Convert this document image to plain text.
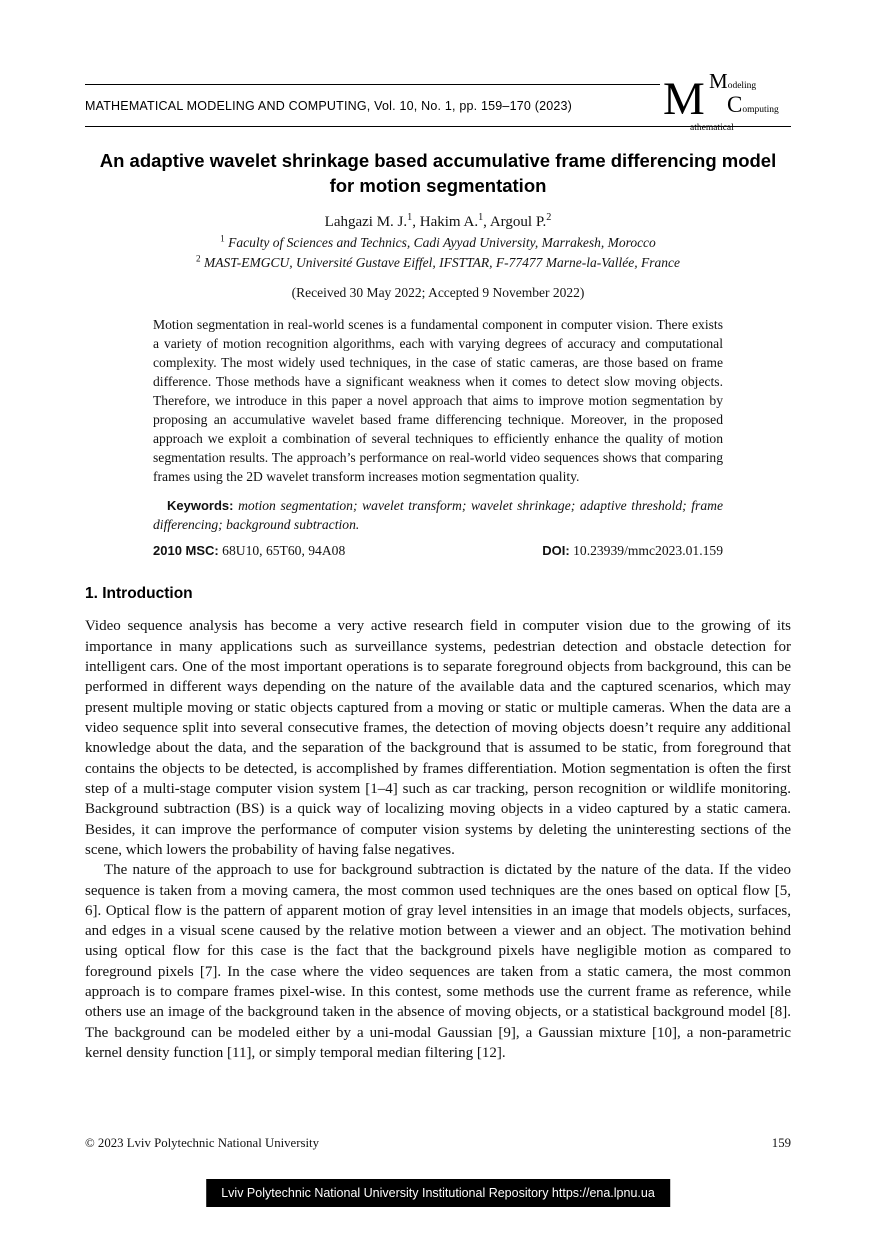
MATHEMATICAL MODELING AND COMPUTING, Vol. 10, No. 1, pp. 159–170 (2023)	M Modeling
Computing
athematical
An adaptive wavelet shrinkage based accumulative frame differencing model for motion segmentation
Lahgazi M. J.$^1$, Hakim A.$^1$, Argoul P.$^2$
$^1$ Faculty of Sciences and Technics, Cadi Ayyad University, Marrakesh, Morocco
$^2$ MAST-EMGCU, Université Gustave Eiffel, IFSTTAR, F-77477 Marne-la-Vallée, France
(Received 30 May 2022; Accepted 9 November 2022)
Motion segmentation in real-world scenes is a fundamental component in computer vision. There exists a variety of motion recognition algorithms, each with varying degrees of accuracy and computational complexity. The most widely used techniques, in the case of static cameras, are those based on frame difference. Those methods have a significant weakness when it comes to detect slow moving objects. Therefore, we introduce in this paper a novel approach that aims to improve motion segmentation by proposing an accumulative wavelet based frame differencing technique. Moreover, in the proposed approach we exploit a combination of several techniques to efficiently enhance the quality of motion segmentation results. The approach’s performance on real-world video sequences shows that comparing frames using the 2D wavelet transform increases motion segmentation quality.
Keywords: motion segmentation; wavelet transform; wavelet shrinkage; adaptive threshold; frame differencing; background subtraction.
2010 MSC: 68U10, 65T60, 94A08	DOI: 10.23939/mmc2023.01.159
1. Introduction

Video sequence analysis has become a very active research field in computer vision due to the growing of its importance in many applications such as surveillance systems, pedestrian detection and obstacle detection for intelligent cars. One of the most important operations is to separate foreground objects from background, this can be performed in different ways depending on the nature of the available data and the captured scenarios, which may present multiple moving or static objects captured from a moving or static or multiple cameras. When the data are a video sequence split into several consecutive frames, the detection of moving objects doesn’t require any additional knowledge about the data, and the separation of the background that is assumed to be static, from foreground that contains the objects to be detected, is accomplished by frames differentiation. Motion segmentation is often the first step of a multi-stage computer vision system [1–4] such as car tracking, person recognition or wildlife monitoring. Background subtraction (BS) is a quick way of localizing moving objects in a video captured by a static camera. Besides, it can improve the performance of computer vision systems by deleting the uninteresting sections of the scene, which lowers the probability of having false negatives.

The nature of the approach to use for background subtraction is dictated by the nature of the data. If the video sequence is taken from a moving camera, the most common used techniques are the ones based on optical flow [5, 6]. Optical flow is the pattern of apparent motion of gray level intensities in an image that models objects, surfaces, and edges in a visual scene caused by the relative motion between a viewer and an object. The motivation behind using optical flow for this case is the fact that the background pixels have negligible motion as compared to foreground pixels [7]. In the case where the video sequences are taken from a static camera, the most common approach is to compare frames pixel-wise. In this contest, some methods use the current frame as reference, while others use an image of the background taken in the absence of moving objects, or a statistical background model [8]. The background can be modeled either by a uni-modal Gaussian [9], a Gaussian mixture [10], a non-parametric kernel density function [11], or simply temporal median filtering [12].

© 2023 Lviv Polytechnic National University	159
Lviv Polytechnic National University Institutional Repository https://ena.lpnu.ua
